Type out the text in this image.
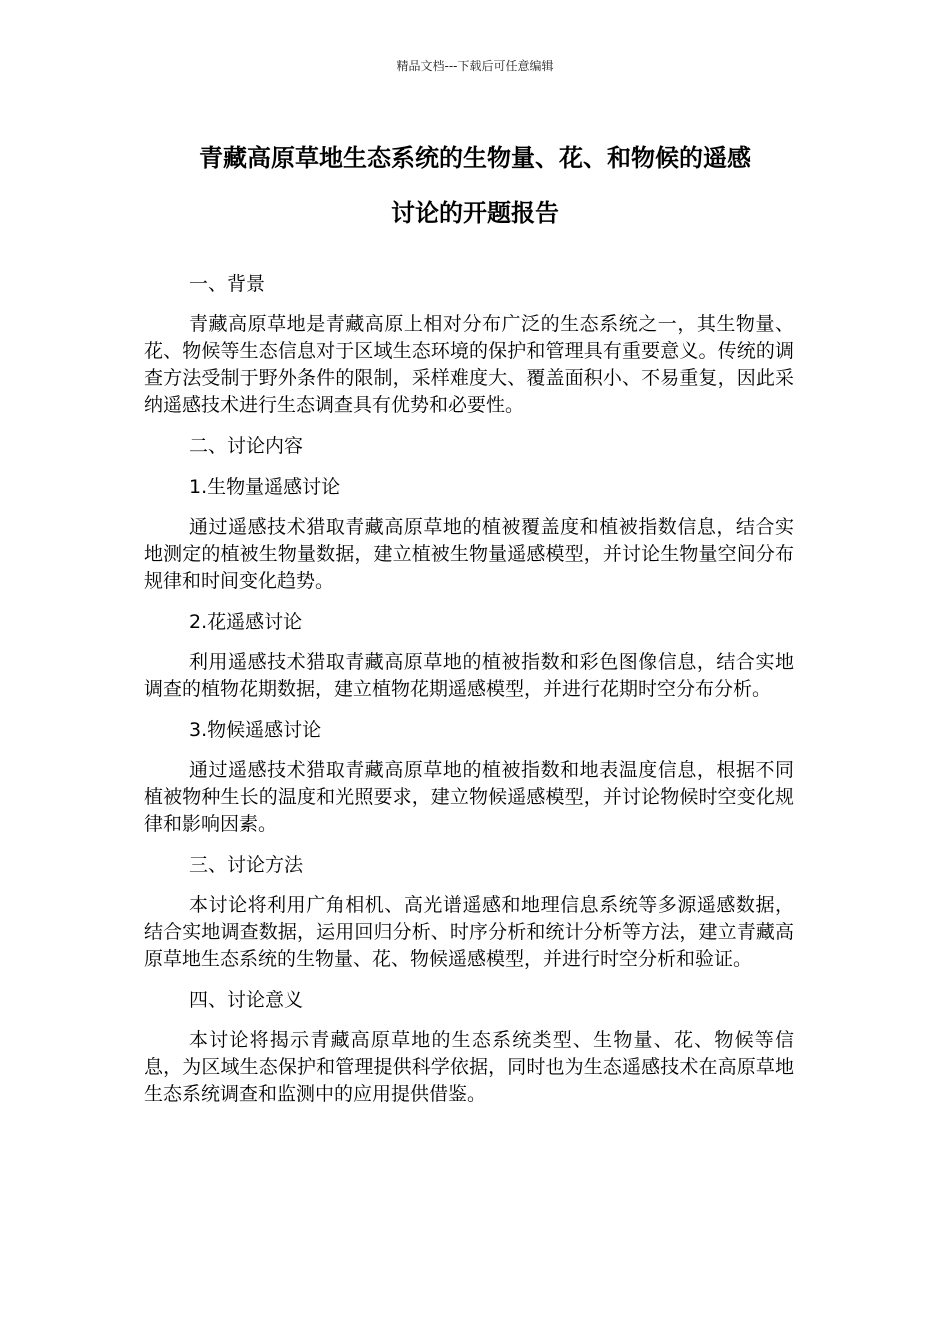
精品文档---下载后可任意编辑
青藏高原草地生态系统的生物量、花、和物候的遥感
讨论的开题报告

一、背景

青藏高原草地是青藏高原上相对分布广泛的生态系统之一，其生物量、花、物候等生态信息对于区域生态环境的保护和管理具有重要意义。传统的调查方法受制于野外条件的限制，采样难度大、覆盖面积小、不易重复，因此采纳遥感技术进行生态调查具有优势和必要性。

二、讨论内容

1.生物量遥感讨论

通过遥感技术猎取青藏高原草地的植被覆盖度和植被指数信息，结合实地测定的植被生物量数据，建立植被生物量遥感模型，并讨论生物量空间分布规律和时间变化趋势。

2.花遥感讨论

利用遥感技术猎取青藏高原草地的植被指数和彩色图像信息，结合实地调查的植物花期数据，建立植物花期遥感模型，并进行花期时空分布分析。

3.物候遥感讨论

通过遥感技术猎取青藏高原草地的植被指数和地表温度信息，根据不同植被物种生长的温度和光照要求，建立物候遥感模型，并讨论物候时空变化规律和影响因素。

三、讨论方法

本讨论将利用广角相机、高光谱遥感和地理信息系统等多源遥感数据，结合实地调查数据，运用回归分析、时序分析和统计分析等方法，建立青藏高原草地生态系统的生物量、花、物候遥感模型，并进行时空分析和验证。

四、讨论意义

本讨论将揭示青藏高原草地的生态系统类型、生物量、花、物候等信息，为区域生态保护和管理提供科学依据，同时也为生态遥感技术在高原草地生态系统调查和监测中的应用提供借鉴。
